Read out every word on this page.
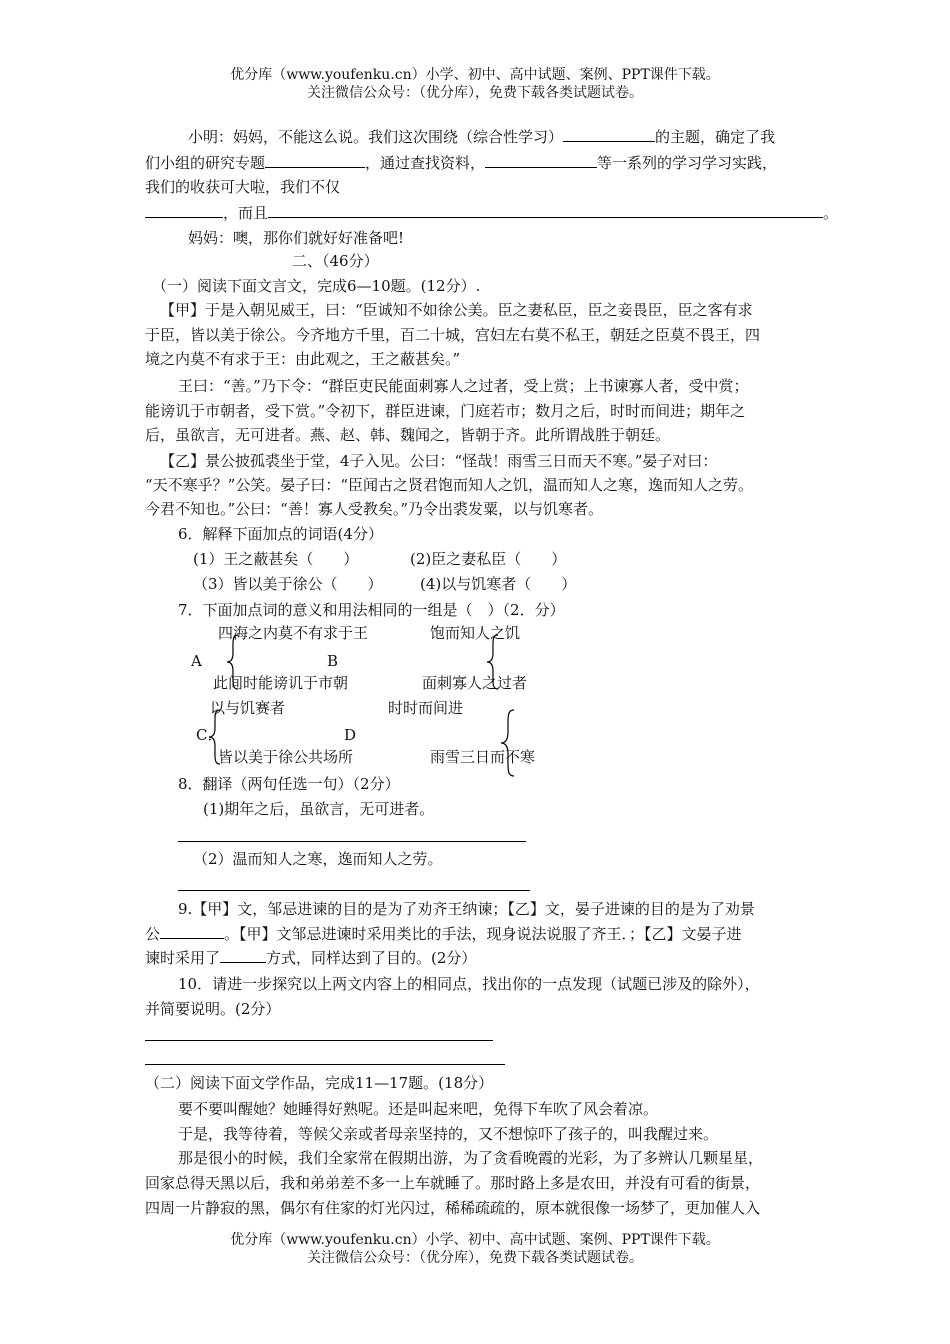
优分库（www.youfenku.cn）小学、初中、高中试题、案例、PPT课件下载。
关注微信公众号：（优分库），免费下载各类试题试卷。
小明：妈妈，不能这么说。我们这次围绕（综合性学习）	的主题，确定了我
们小组的研究专题	，通过查找资料，	等一系列的学习学习实践，
我们的收获可大啦，我们不仅
，而且	。
妈妈：噢，那你们就好好准备吧!
二、（46分）
（一）阅读下面文言文，完成6—10题。(12分）.
【甲】于是入朝见威王，曰：“臣诚知不如徐公美。臣之妻私臣，臣之妾畏臣，臣之客有求
于臣，皆以美于徐公。今齐地方千里，百二十城，宫妇左右莫不私王，朝廷之臣莫不畏王，四
境之内莫不有求于王：由此观之，王之蔽甚矣。”
王曰：“善。”乃下令：“群臣吏民能面刺寡人之过者，受上赏；上书谏寡人者，受中赏；
能谤讥于市朝者，受下赏。”令初下，群臣进谏，门庭若市；数月之后，时时而间进；期年之
后，虽欲言，无可进者。燕、赵、韩、魏闻之，皆朝于齐。此所谓战胜于朝廷。
【乙】景公披孤裘坐于堂，4子入见。公曰：“怪哉！雨雪三日而天不寒。”晏子对曰：
“天不寒乎？”公笑。晏子曰：“臣闻古之贤君饱而知人之饥，温而知人之寒，逸而知人之劳。
今君不知也。”公曰：“善！寡人受教矣。”乃令出裘发粟，以与饥寒者。
6．解释下面加点的词语(4分）
(1）王之蔽甚矣（　　）	(2)臣之妻私臣（　　）
（3）皆以美于徐公（　　） (4)以与饥寒者（　　）
7．下面加点词的意义和用法相同的一组是（　）（2．分）
四海之内莫不有求于王	饱而知人之饥
A	B
此间时能谤讥于市朝	面刺寡人之过者
以与饥赛者	时时而间进
C．	D
皆以美于徐公共场所	雨雪三日而不寒
8．翻译（两句任选一句）（2分）
(1)期年之后，虽欲言，无可进者。
（2）温而知人之寒，逸而知人之劳。
9.【甲】文，邹忌进谏的目的是为了劝齐王纳谏；【乙】文，晏子进谏的目的是为了劝景
公	。【甲】文邹忌进谏时采用类比的手法，现身说法说服了齐王．；【乙】文晏子进
谏时采用了	方式，同样达到了目的。(2分）
10．请进一步探究以上两文内容上的相同点，找出你的一点发现（试题已涉及的除外），
并简要说明。(2分）
（二）阅读下面文学作品，完成11—17题。(18分）
要不要叫醒她？她睡得好熟呢。还是叫起来吧，免得下车吹了风会着凉。
于是，我等待着，等候父亲或者母亲坚持的，又不想惊吓了孩子的，叫我醒过来。
那是很小的时候，我们全家常在假期出游，为了贪看晚霞的光彩，为了多辨认几颗星星，
回家总得天黑以后，我和弟弟差不多一上车就睡了。那时路上多是农田，并没有可看的街景，
四周一片静寂的黑，偶尔有住家的灯光闪过，稀稀疏疏的，原本就很像一场梦了，更加催人入
优分库（www.youfenku.cn）小学、初中、高中试题、案例、PPT课件下载。
关注微信公众号：（优分库），免费下载各类试题试卷。
